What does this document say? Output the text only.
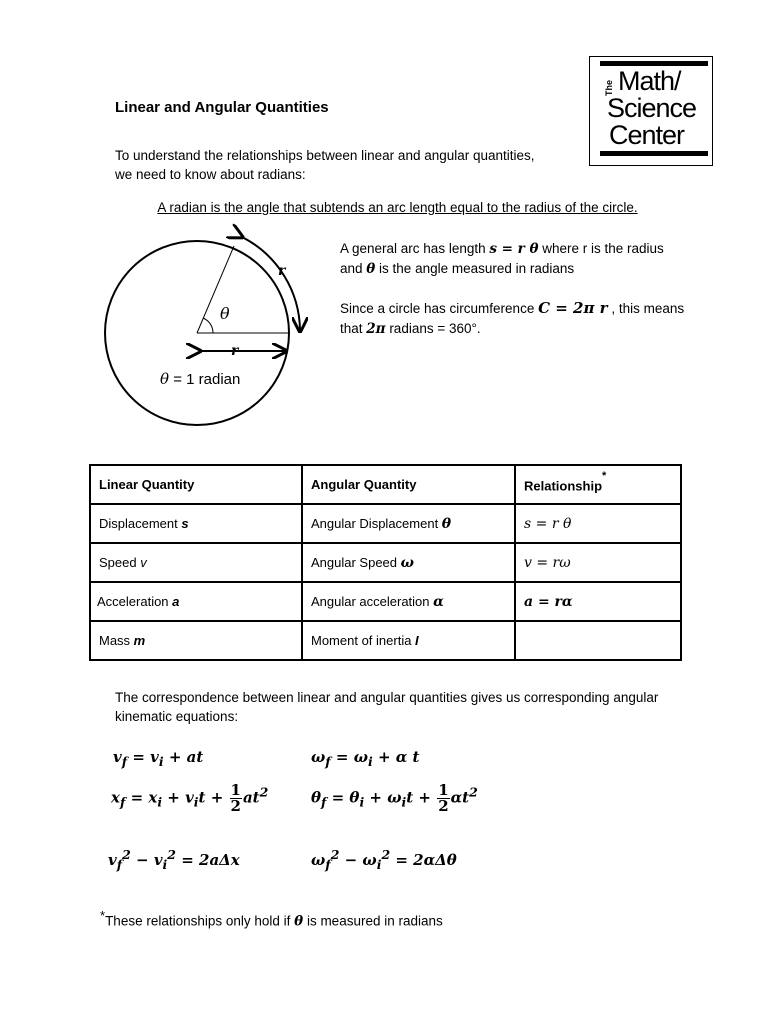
Linear and Angular Quantities
To understand the relationships between linear and angular quantities,
we need to know about radians:
A radian is the angle that subtends an arc length equal to the radius of the circle.
The Math/
Science
Center
θ
r
r
θ = 1 radian
A general arc has length s = r θ where r is the radius
and θ is the angle measured in radians
Since a circle has circumference C = 2π r , this means
that 2π radians = 360°.
Linear Quantity	Angular Quantity	Relationship*
Displacement s	Angular Displacement θ	s = r θ
Speed v	Angular Speed ω	v = rω
Acceleration a	Angular acceleration α	a = rα
Mass m	Moment of inertia I	
The correspondence between linear and angular quantities gives us corresponding angular kinematic equations:
$v_f = v_i$ + at	$\omega_f = \omega_i + \alpha$ t
$x_f = x_i + v_it + \frac{1}{2} at^2$	$\theta_f = \theta_i + \omega_it + \frac{1}{2} \alpha t^2$
$v_f^2 - v_i^2 = 2a\Delta x$	$\omega_f^2 - \omega_i^2 = 2\alpha\Delta\theta$
*These relationships only hold if θ is measured in radians
